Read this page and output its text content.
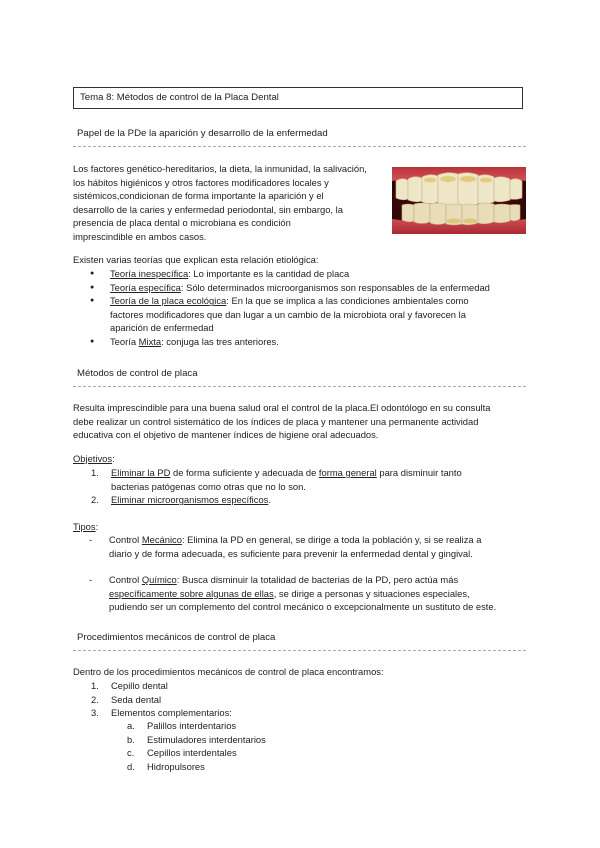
Tema 8: Métodos de control de la Placa Dental
Papel de la PDe la aparición y desarrollo de la enfermedad
Los factores genético-hereditarios, la dieta, la inmunidad, la salivación,
los hábitos higiénicos y otros factores modificadores locales y
sistémicos,condicionan de forma importante la aparición y el
desarrollo de la caries y enfermedad periodontal, sin embargo, la
presencia de placa dental o microbiana es condición
imprescindible en ambos casos.
Existen varias teorías que explican esta relación etiológica:
● Teoría inespecífica: Lo importante es la cantidad de placa
● Teoría específica: Sólo determinados microorganismos son responsables de la enfermedad
● Teoría de la placa ecológica: En la que se implica a las condiciones ambientales como
factores modificadores que dan lugar a un cambio de la microbiota oral y favorecen la
aparición de enfermedad
● Teoría Mixta: conjuga las tres anteriores.
Métodos de control de placa
Resulta imprescindible para una buena salud oral el control de la placa.El odontólogo en su consulta
debe realizar un control sistemático de los índices de placa y mantener una permanente actividad
educativa con el objetivo de mantener índices de higiene oral adecuados.
Objetivos:
1. Eliminar la PD de forma suficiente y adecuada de forma general para disminuir tanto
bacterias patógenas como otras que no lo son.
2. Eliminar microorganismos específicos.
Tipos:
- Control Mecánico: Elimina la PD en general, se dirige a toda la población y, si se realiza a
diario y de forma adecuada, es suficiente para prevenir la enfermedad dental y gingival.
- Control Químico: Busca disminuir la totalidad de bacterias de la PD, pero actúa más
específicamente sobre algunas de ellas, se dirige a personas y situaciones especiales,
pudiendo ser un complemento del control mecánico o excepcionalmente un sustituto de este.
Procedimientos mecánicos de control de placa
Dentro de los procedimientos mecánicos de control de placa encontramos:
1. Cepillo dental
2. Seda dental
3. Elementos complementarios:
a. Palillos interdentarios
b. Estimuladores interdentarios
c. Cepillos interdentales
d. Hidropulsores
